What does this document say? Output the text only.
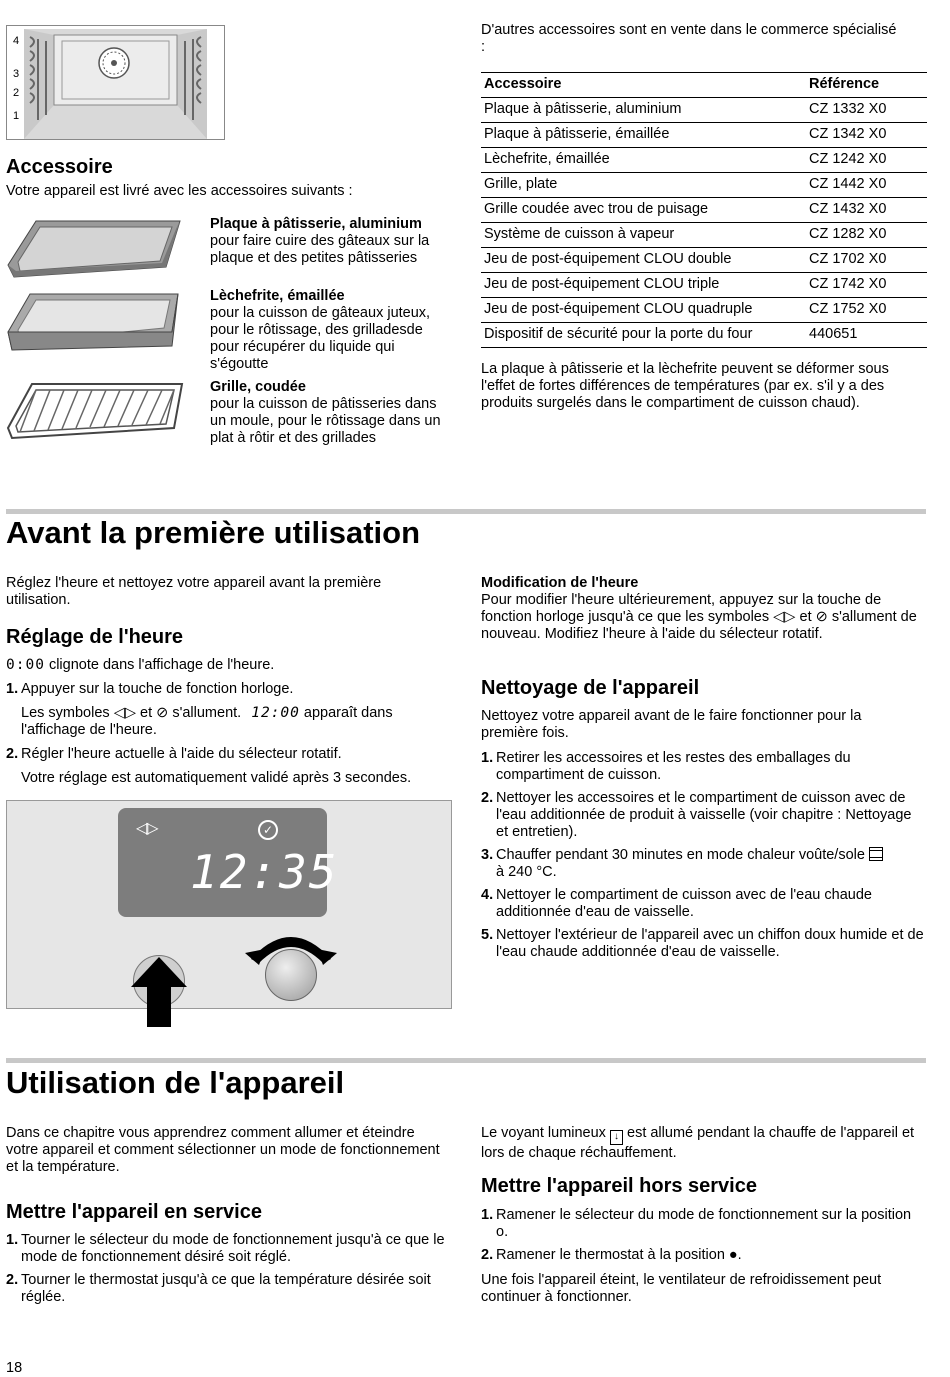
4
3
2
1
Accessoire
Votre appareil est livré avec les accessoires suivants :

Plaque à pâtisserie, aluminium

pour faire cuire des gâteaux sur la plaque et des petites pâtisseries

Lèchefrite, émaillée

pour la cuisson de gâteaux juteux, pour le rôtissage, des grilladesde pour récupérer du liquide qui s'égoutte

Grille, coudée

pour la cuisson de pâtisseries dans un moule, pour le rôtissage dans un plat à rôtir et des grillades

D'autres accessoires sont en vente dans le commerce spécialisé :
Accessoire	Référence
Plaque à pâtisserie, aluminium	CZ 1332 X0
Plaque à pâtisserie, émaillée	CZ 1342 X0
Lèchefrite, émaillée	CZ 1242 X0
Grille, plate	CZ 1442 X0
Grille coudée avec trou de puisage	CZ 1432 X0
Système de cuisson à vapeur	CZ 1282 X0
Jeu de post-équipement CLOU double	CZ 1702 X0
Jeu de post-équipement CLOU triple	CZ 1742 X0
Jeu de post-équipement CLOU quadruple	CZ 1752 X0
Dispositif de sécurité pour la porte du four	440651
La plaque à pâtisserie et la lèchefrite peuvent se déformer sous l'effet de fortes différences de températures (par ex. s'il y a des produits surgelés dans le compartiment de cuisson chaud).
Avant la première utilisation
Réglez l'heure et nettoyez votre appareil avant la première utilisation.
Réglage de l'heure
0:00 clignote dans l'affichage de l'heure.
1. Appuyer sur la touche de fonction horloge.
Les symboles ◁▷ et ⊘ s'allument. 12:00 apparaît dans l'affichage de l'heure.
2. Régler l'heure actuelle à l'aide du sélecteur rotatif.
Votre réglage est automatiquement validé après 3 secondes.
◁▷	✓
12:35

Modification de l'heure

Pour modifier l'heure ultérieurement, appuyez sur la touche de fonction horloge jusqu'à ce que les symboles ◁▷ et ⊘ s'allument de nouveau. Modifiez l'heure à l'aide du sélecteur rotatif.

Nettoyage de l'appareil
Nettoyez votre appareil avant de le faire fonctionner pour la première fois.
1. Retirer les accessoires et les restes des emballages du compartiment de cuisson.
2. Nettoyer les accessoires et le compartiment de cuisson avec de l'eau additionnée de produit à vaisselle (voir chapitre : Nettoyage et entretien).
3. Chauffer pendant 30 minutes en mode chaleur voûte/sole
à 240 °C.
4. Nettoyer le compartiment de cuisson avec de l'eau chaude additionnée d'eau de vaisselle.
5. Nettoyer l'extérieur de l'appareil avec un chiffon doux humide et de l'eau chaude additionnée d'eau de vaisselle.
Utilisation de l'appareil
Dans ce chapitre vous apprendrez comment allumer et éteindre votre appareil et comment sélectionner un mode de fonctionnement et la température.
Mettre l'appareil en service
1. Tourner le sélecteur du mode de fonctionnement jusqu'à ce que le mode de fonctionnement désiré soit réglé.
2. Tourner le thermostat jusqu'à ce que la température désirée soit réglée.
Le voyant lumineux ↓ est allumé pendant la chauffe de l'appareil et lors de chaque réchauffement.
Mettre l'appareil hors service
1. Ramener le sélecteur du mode de fonctionnement sur la position o.
2. Ramener le thermostat à la position ●.
Une fois l'appareil éteint, le ventilateur de refroidissement peut continuer à fonctionner.
18
